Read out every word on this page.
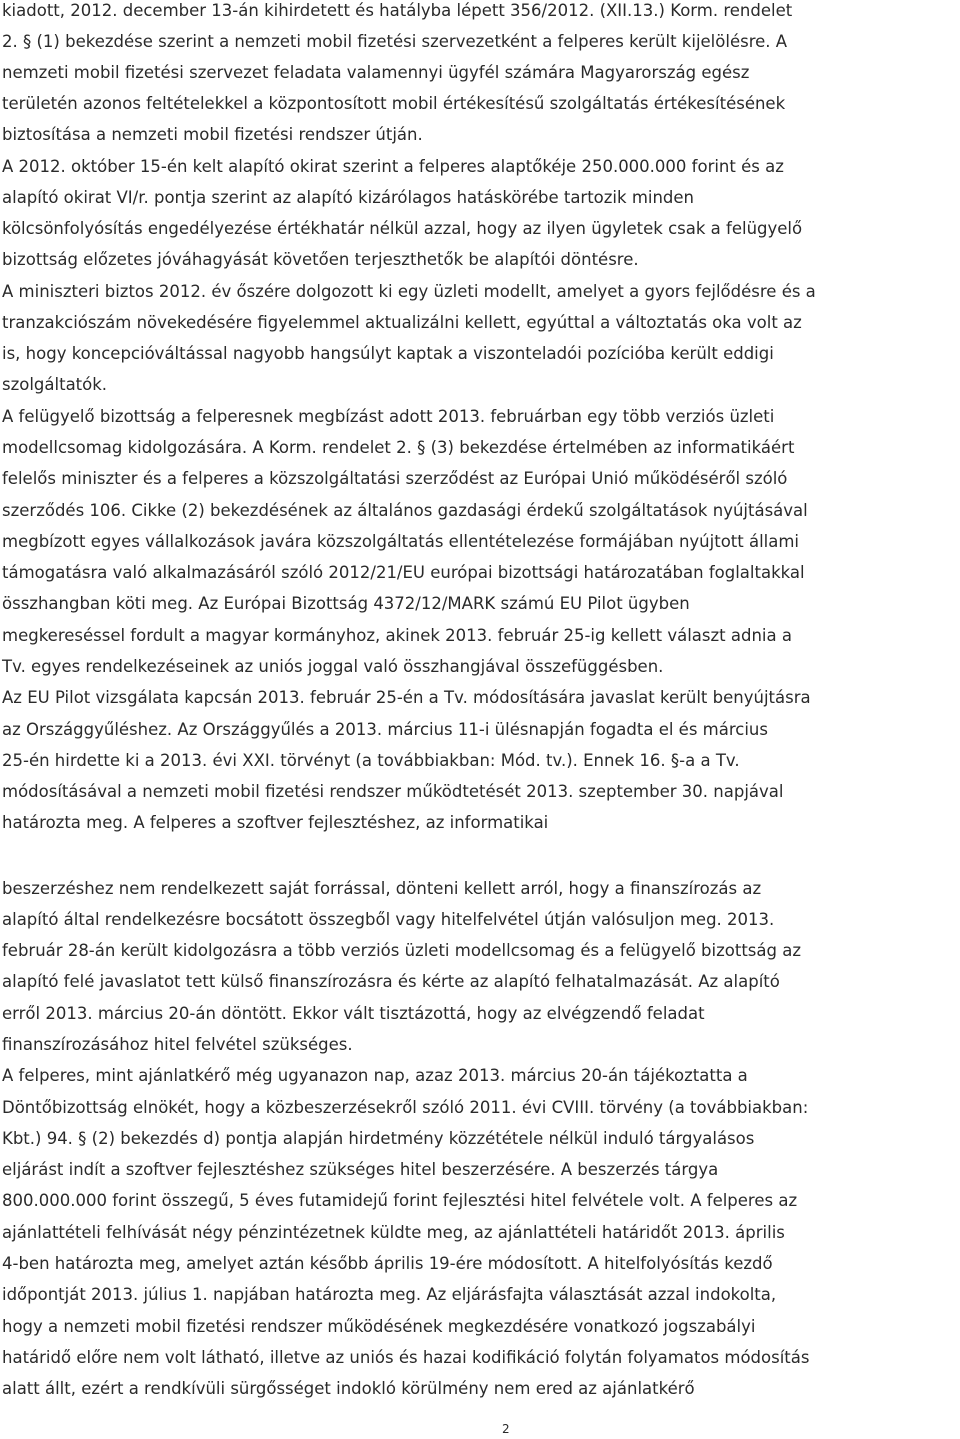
kiadott, 2012. december 13-án kihirdetett és hatályba lépett 356/2012. (XII.13.) Korm. rendelet
2. § (1) bekezdése szerint a nemzeti mobil fizetési szervezetként a felperes került kijelölésre. A
nemzeti mobil fizetési szervezet feladata valamennyi ügyfél számára Magyarország egész
területén azonos feltételekkel a központosított mobil értékesítésű szolgáltatás értékesítésének
biztosítása a nemzeti mobil fizetési rendszer útján.
A 2012. október 15-én kelt alapító okirat szerint a felperes alaptőkéje 250.000.000 forint és az
alapító okirat VI/r. pontja szerint az alapító kizárólagos hatáskörébe tartozik minden
kölcsönfolyósítás engedélyezése értékhatár nélkül azzal, hogy az ilyen ügyletek csak a felügyelő
bizottság előzetes jóváhagyását követően terjeszthetők be alapítói döntésre.
A miniszteri biztos 2012. év őszére dolgozott ki egy üzleti modellt, amelyet a gyors fejlődésre és a
tranzakciószám növekedésére figyelemmel aktualizálni kellett, egyúttal a változtatás oka volt az
is, hogy koncepcióváltással nagyobb hangsúlyt kaptak a viszonteladói pozícióba került eddigi
szolgáltatók.
A felügyelő bizottság a felperesnek megbízást adott 2013. februárban egy több verziós üzleti
modellcsomag kidolgozására. A Korm. rendelet 2. § (3) bekezdése értelmében az informatikáért
felelős miniszter és a felperes a közszolgáltatási szerződést az Európai Unió működéséről szóló
szerződés 106. Cikke (2) bekezdésének az általános gazdasági érdekű szolgáltatások nyújtásával
megbízott egyes vállalkozások javára közszolgáltatás ellentételezése formájában nyújtott állami
támogatásra való alkalmazásáról szóló 2012/21/EU európai bizottsági határozatában foglaltakkal
összhangban köti meg. Az Európai Bizottság 4372/12/MARK számú EU Pilot ügyben
megkereséssel fordult a magyar kormányhoz, akinek 2013. február 25-ig kellett választ adnia a
Tv. egyes rendelkezéseinek az uniós joggal való összhangjával összefüggésben.
Az EU Pilot vizsgálata kapcsán 2013. február 25-én a Tv. módosítására javaslat került benyújtásra
az Országgyűléshez. Az Országgyűlés a 2013. március 11-i ülésnapján fogadta el és március
25-én hirdette ki a 2013. évi XXI. törvényt (a továbbiakban: Mód. tv.). Ennek 16. §-a a Tv.
módosításával a nemzeti mobil fizetési rendszer működtetését 2013. szeptember 30. napjával
határozta meg. A felperes a szoftver fejlesztéshez, az informatikai
beszerzéshez nem rendelkezett saját forrással, dönteni kellett arról, hogy a finanszírozás az
alapító által rendelkezésre bocsátott összegből vagy hitelfelvétel útján valósuljon meg. 2013.
február 28-án került kidolgozásra a több verziós üzleti modellcsomag és a felügyelő bizottság az
alapító felé javaslatot tett külső finanszírozásra és kérte az alapító felhatalmazását. Az alapító
erről 2013. március 20-án döntött. Ekkor vált tisztázottá, hogy az elvégzendő feladat
finanszírozásához hitel felvétel szükséges.
A felperes, mint ajánlatkérő még ugyanazon nap, azaz 2013. március 20-án tájékoztatta a
Döntőbizottság elnökét, hogy a közbeszerzésekről szóló 2011. évi CVIII. törvény (a továbbiakban:
Kbt.) 94. § (2) bekezdés d) pontja alapján hirdetmény közzététele nélkül induló tárgyalásos
eljárást indít a szoftver fejlesztéshez szükséges hitel beszerzésére. A beszerzés tárgya
800.000.000 forint összegű, 5 éves futamidejű forint fejlesztési hitel felvétele volt. A felperes az
ajánlattételi felhívását négy pénzintézetnek küldte meg, az ajánlattételi határidőt 2013. április
4-ben határozta meg, amelyet aztán később április 19-ére módosított. A hitelfolyósítás kezdő
időpontját 2013. július 1. napjában határozta meg. Az eljárásfajta választását azzal indokolta,
hogy a nemzeti mobil fizetési rendszer működésének megkezdésére vonatkozó jogszabályi
határidő előre nem volt látható, illetve az uniós és hazai kodifikáció folytán folyamatos módosítás
alatt állt, ezért a rendkívüli sürgősséget indokló körülmény nem ered az ajánlatkérő
2
